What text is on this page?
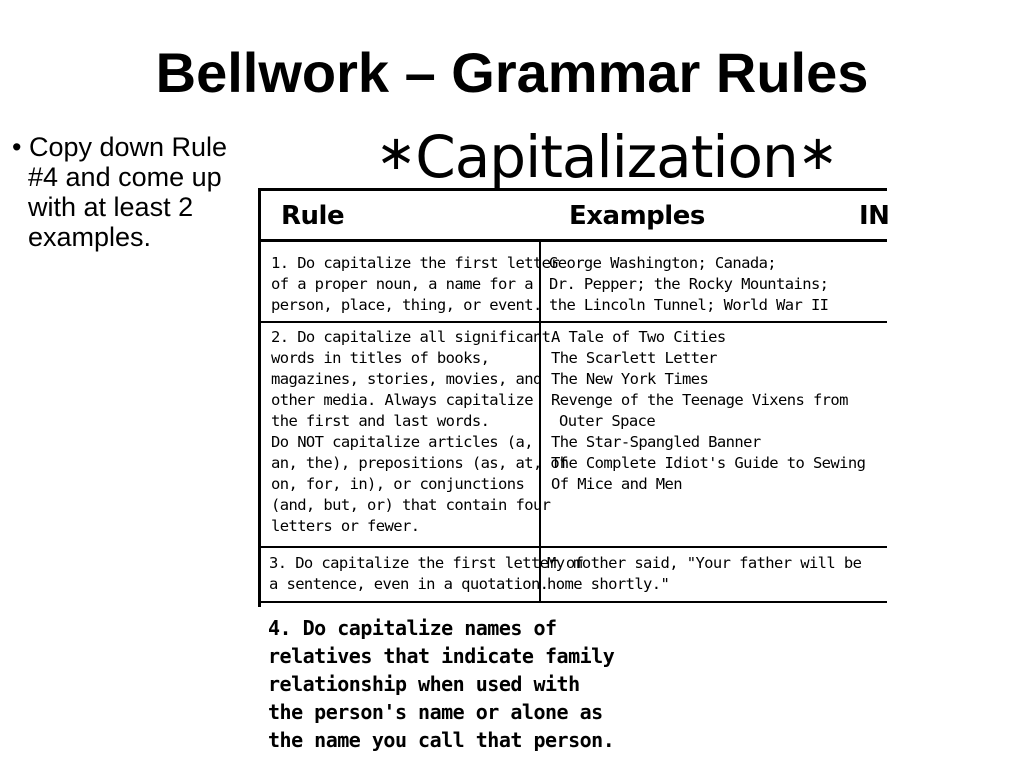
Bellwork – Grammar Rules
• Copy down Rule
#4 and come up
with at least 2
examples.
∗Capitalization∗
Rule	Examples	IN
1. Do capitalize the first letter
of a proper noun, a name for a
person, place, thing, or event.
George Washington; Canada;
Dr. Pepper; the Rocky Mountains;
the Lincoln Tunnel; World War II
2. Do capitalize all significant
words in titles of books,
magazines, stories, movies, and
other media. Always capitalize
the first and last words.
Do NOT capitalize articles (a,
an, the), prepositions (as, at, of
on, for, in), or conjunctions
(and, but, or) that contain four
letters or fewer.
A Tale of Two Cities
The Scarlett Letter
The New York Times
Revenge of the Teenage Vixens from
Outer Space
The Star-Spangled Banner
The Complete Idiot's Guide to Sewing
Of Mice and Men
3. Do capitalize the first letter of
a sentence, even in a quotation.
My mother said, "Your father will be
home shortly."
4. Do capitalize names of
relatives that indicate family
relationship when used with
the person's name or alone as
the name you call that person.
